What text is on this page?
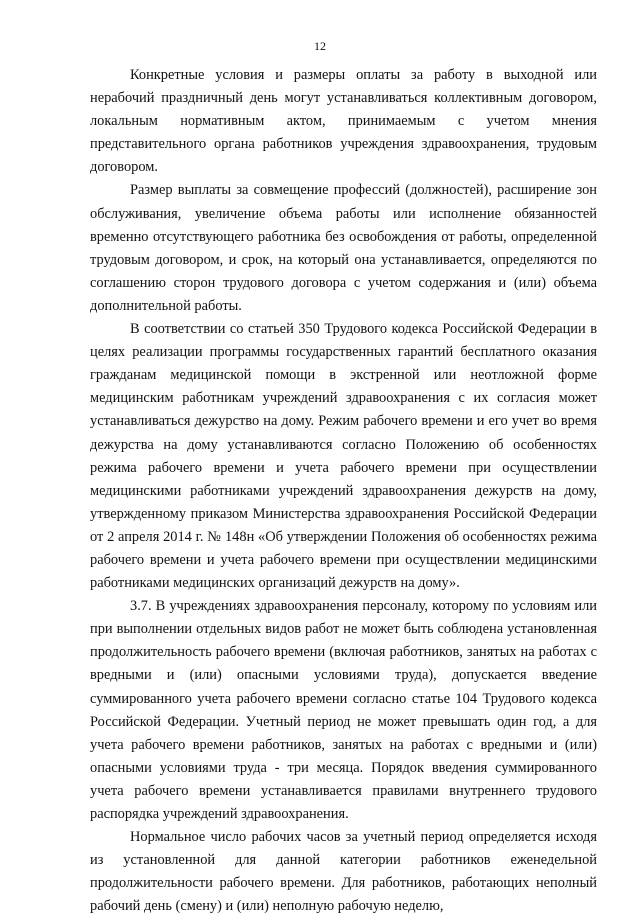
12

Конкретные условия и размеры оплаты за работу в выходной или нерабочий праздничный день могут устанавливаться коллективным договором, локальным нормативным актом, принимаемым с учетом мнения представительного органа работников учреждения здравоохранения, трудовым договором.

Размер выплаты за совмещение профессий (должностей), расширение зон обслуживания, увеличение объема работы или исполнение обязанностей временно отсутствующего работника без освобождения от работы, определенной трудовым договором, и срок, на который она устанавливается, определяются по соглашению сторон трудового договора с учетом содержания и (или) объема дополнительной работы.

В соответствии со статьей 350 Трудового кодекса Российской Федерации в целях реализации программы государственных гарантий бесплатного оказания гражданам медицинской помощи в экстренной или неотложной форме медицинским работникам учреждений здравоохранения с их согласия может устанавливаться дежурство на дому. Режим рабочего времени и его учет во время дежурства на дому устанавливаются согласно Положению об особенностях режима рабочего времени и учета рабочего времени при осуществлении медицинскими работниками учреждений здравоохранения дежурств на дому, утвержденному приказом Министерства здравоохранения Российской Федерации от 2 апреля 2014 г. № 148н «Об утверждении Положения об особенностях режима рабочего времени и учета рабочего времени при осуществлении медицинскими работниками медицинских организаций дежурств на дому».

3.7. В учреждениях здравоохранения персоналу, которому по условиям или при выполнении отдельных видов работ не может быть соблюдена установленная продолжительность рабочего времени (включая работников, занятых на работах с вредными и (или) опасными условиями труда), допускается введение суммированного учета рабочего времени согласно статье 104 Трудового кодекса Российской Федерации. Учетный период не может превышать один год, а для учета рабочего времени работников, занятых на работах с вредными и (или) опасными условиями труда - три месяца. Порядок введения суммированного учета рабочего времени устанавливается правилами внутреннего трудового распорядка учреждений здравоохранения.

Нормальное число рабочих часов за учетный период определяется исходя из установленной для данной категории работников еженедельной продолжительности рабочего времени. Для работников, работающих неполный рабочий день (смену) и (или) неполную рабочую неделю,
